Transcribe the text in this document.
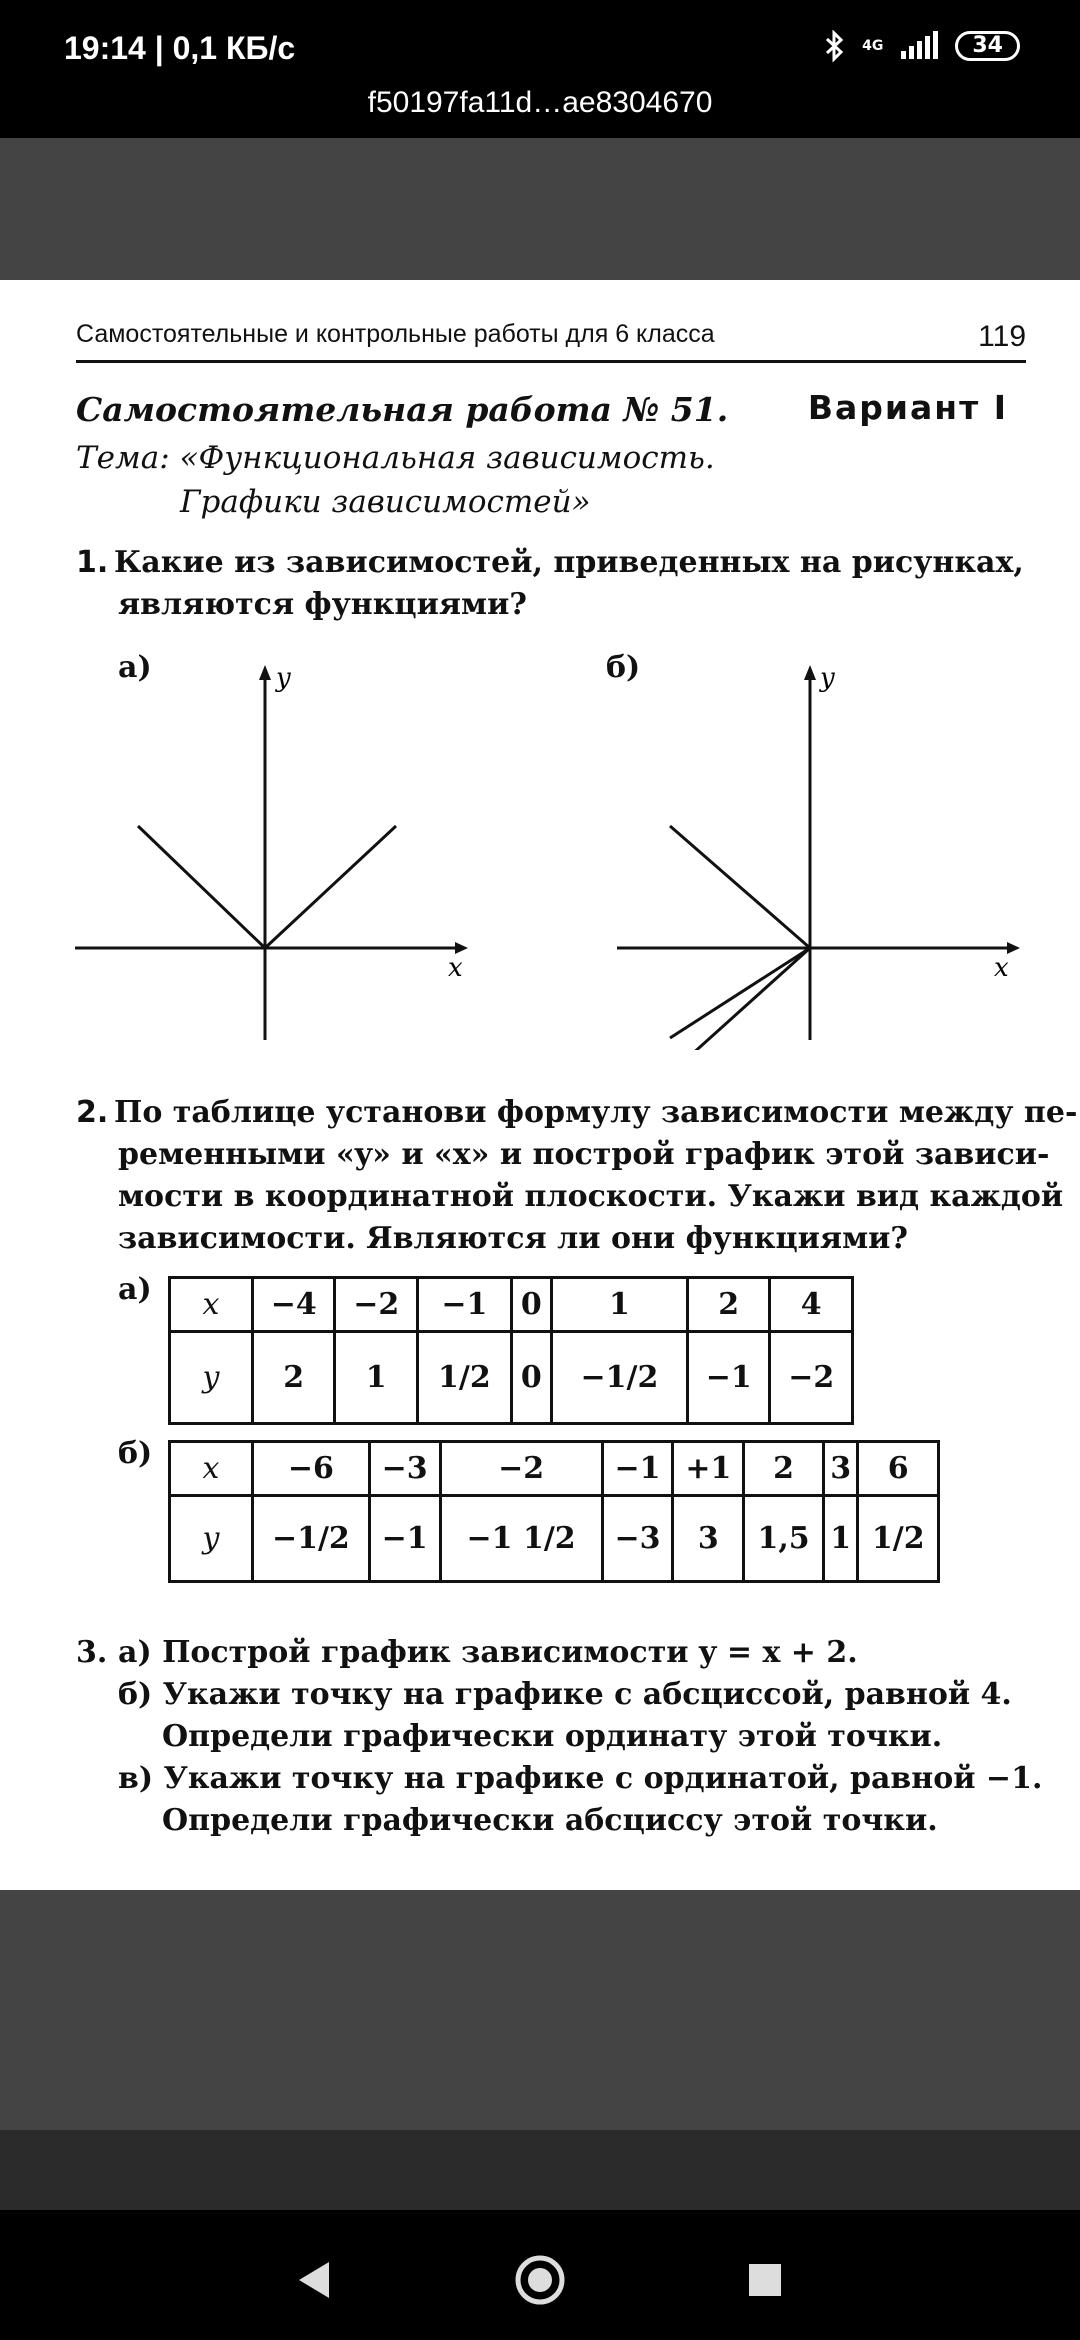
19:14 | 0,1 КБ/с	4G	34
f50197fa11d…ae8304670
Самостоятельные и контрольные работы для 6 класса	119
Самостоятельная работа № 51. Вариант I
Тема: «Функциональная зависимость.
Графики зависимостей»
1. Какие из зависимостей, приведенных на рисунках,
являются функциями?
а)
x
y	б)
x
y
2. По таблице установи формулу зависимости между пе-
ременными «y» и «x» и построй график этой зависи-
мости в координатной плоскости. Укажи вид каждой
зависимости. Являются ли они функциями?
а) x	−4	−2	−1	0	1	2	4
y	2	1	1/2	0	−1/2	−1	−2
б) x	−6	−3	−2	−1	+1	2	3	6
y	−1/2	−1	−1 1/2	−3	3	1,5	1	1/2
3. а) Построй график зависимости y = x + 2.
б) Укажи точку на графике с абсциссой, равной 4.
Определи графически ординату этой точки.
в) Укажи точку на графике с ординатой, равной −1.
Определи графически абсциссу этой точки.
